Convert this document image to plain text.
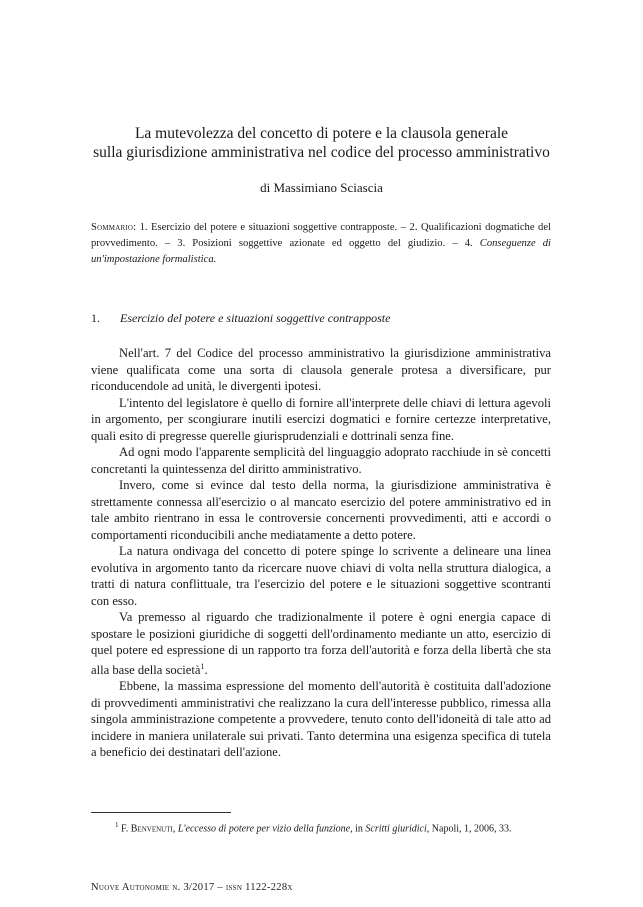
La mutevolezza del concetto di potere e la clausola generale
sulla giurisdizione amministrativa nel codice del processo amministrativo
di Massimiano Sciascia

Sommario: 1. Esercizio del potere e situazioni soggettive contrapposte. – 2. Qualificazioni dogmatiche del provvedimento. – 3. Posizioni soggettive azionate ed oggetto del giudizio. – 4. Conseguenze di un'impostazione formalistica.

1. Esercizio del potere e situazioni soggettive contrapposte

Nell'art. 7 del Codice del processo amministrativo la giurisdizione amministrativa viene qualificata come una sorta di clausola generale protesa a diversificare, pur riconducendole ad unità, le divergenti ipotesi.

L'intento del legislatore è quello di fornire all'interprete delle chiavi di lettura agevoli in argomento, per scongiurare inutili esercizi dogmatici e fornire certezze interpretative, quali esito di pregresse querelle giurisprudenziali e dottrinali senza fine.

Ad ogni modo l'apparente semplicità del linguaggio adoprato racchiude in sè concetti concretanti la quintessenza del diritto amministrativo.

Invero, come si evince dal testo della norma, la giurisdizione amministrativa è strettamente connessa all'esercizio o al mancato esercizio del potere amministrativo ed in tale ambito rientrano in essa le controversie concernenti provvedimenti, atti e accordi o comportamenti riconducibili anche mediatamente a detto potere.

La natura ondivaga del concetto di potere spinge lo scrivente a delineare una linea evolutiva in argomento tanto da ricercare nuove chiavi di volta nella struttura dialogica, a tratti di natura conflittuale, tra l'esercizio del potere e le situazioni soggettive scontranti con esso.

Va premesso al riguardo che tradizionalmente il potere è ogni energia capace di spostare le posizioni giuridiche di soggetti dell'ordinamento mediante un atto, esercizio di quel potere ed espressione di un rapporto tra forza dell'autorità e forza della libertà che sta alla base della società$^1$.

Ebbene, la massima espressione del momento dell'autorità è costituita dall'adozione di provvedimenti amministrativi che realizzano la cura dell'interesse pubblico, rimessa alla singola amministrazione competente a provvedere, tenuto conto dell'idoneità di tale atto ad incidere in maniera unilaterale sui privati. Tanto determina una esigenza specifica di tutela a beneficio dei destinatari dell'azione.

$^1$ F. Benvenuti, L'eccesso di potere per vizio della funzione, in Scritti giuridici, Napoli, 1, 2006, 33.
Nuove Autonomie n. 3/2017 – issn 1122-228x
